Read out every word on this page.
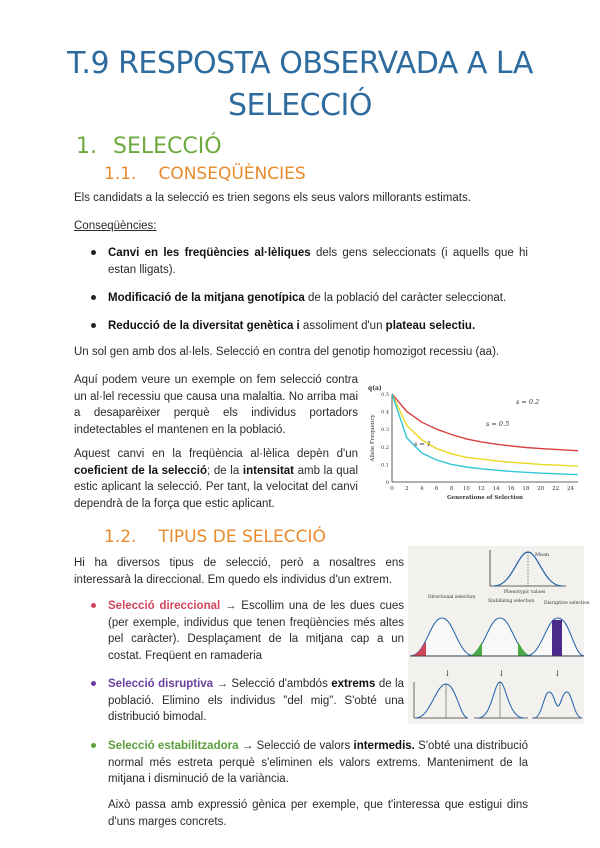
T.9 RESPOSTA OBSERVADA A LA
SELECCIÓ
1. SELECCIÓ
1.1. CONSEQÜÈNCIES
Els candidats a la selecció es trien segons els seus valors millorants estimats.
Conseqüències:
Canvi en les freqüències al·lèliques dels gens seleccionats (i aquells que hi estan lligats).
Modificació de la mitjana genotípica de la població del caràcter seleccionat.
Reducció de la diversitat genètica i assoliment d'un plateau selectiu.
Un sol gen amb dos al·lels. Selecció en contra del genotip homozigot recessiu (aa).
Aquí podem veure un exemple on fem selecció contra un al·lel recessiu que causa una malaltia. No arriba mai a desaparèixer perquè els individus portadors indetectables el mantenen en la població.
Aquest canvi en la freqüència al·lèlica depèn d'un coeficient de la selecció; de la intensitat amb la qual estic aplicant la selecció. Per tant, la velocitat del canvi dependrà de la força que estic aplicant.
0 2 4 6 8 10 12 14 16 18 20 22 24
0
0.1
0.2
0.3
0.4
0.5
Generations of Selection
Allele Frequency
q(a)
s = 0.2
s = 0.5
s = 1
1.2. TIPUS DE SELECCIÓ
Hi ha diversos tipus de selecció, però a nosaltres ens interessarà la direccional. Em quedo els individus d'un extrem.
Selecció direccional → Escollim una de les dues cues (per exemple, individus que tenen freqüències més altes pel caràcter). Desplaçament de la mitjana cap a un costat. Freqüent en ramaderia
Selecció disruptiva → Selecció d'ambdós extrems de la població. Elimino els individus "del mig". S'obté una distribució bimodal.
Selecció estabilitzadora → Selecció de valors intermedis. S'obté una distribució normal més estreta perquè s'eliminen els valors extrems. Manteniment de la mitjana i disminució de la variància.
Això passa amb expressió gènica per exemple, que t'interessa que estigui dins d'uns marges concrets.
Mean
Phenotypic values
Directional selection
Stabilizing selection Disruptive selection
↓	↓	↓
